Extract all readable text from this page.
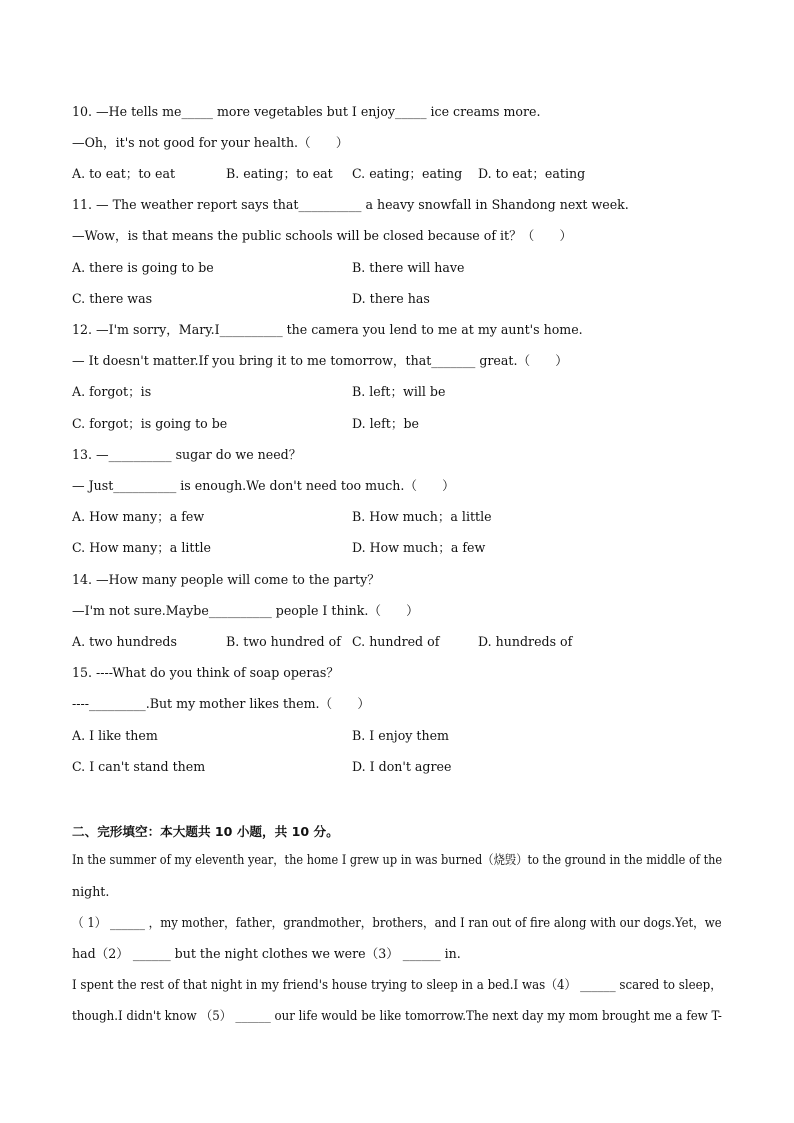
10. —He tells me_____ more vegetables but I enjoy_____ ice creams more.
—Oh，it's not good for your health.（　　）
A. to eat；to eat	B. eating；to eat C. eating；eating D. to eat；eating
11. — The weather report says that__________ a heavy snowfall in Shandong next week.
—Wow，is that means the public schools will be closed because of it？（　　）
A. there is going to be	B. there will have
C. there was	D. there has
12. —I'm sorry，Mary.I__________ the camera you lend to me at my aunt's home.
— It doesn't matter.If you bring it to me tomorrow，that_______ great.（　　）
A. forgot；is	B. left；will be
C. forgot；is going to be	D. left；be
13. —__________ sugar do we need？
— Just__________ is enough.We don't need too much.（　　）
A. How many；a few	B. How much；a little
C. How many；a little	D. How much；a few
14. —How many people will come to the party？
—I'm not sure.Maybe__________ people I think.（　　）
A. two hundreds	B. two hundred of C. hundred of	D. hundreds of
15. ----What do you think of soap operas？
----_________.But my mother likes them.（　　）
A. I like them	B. I enjoy them
C. I can't stand them	D. I don't agree
二、完形填空：本大题共 10 小题，共 10 分。
In the summer of my eleventh year，the home I grew up in was burned（烧毁）to the ground in the middle of the
night.
（ 1） ______ ，my mother，father，grandmother，brothers，and I ran out of fire along with our dogs.Yet，we
had（2） ______ but the night clothes we were（3） ______ in.
I spent the rest of that night in my friend's house trying to sleep in a bed.I was（4） ______ scared to sleep，
though.I didn't know （5） ______ our life would be like tomorrow.The next day my mom brought me a few T-
